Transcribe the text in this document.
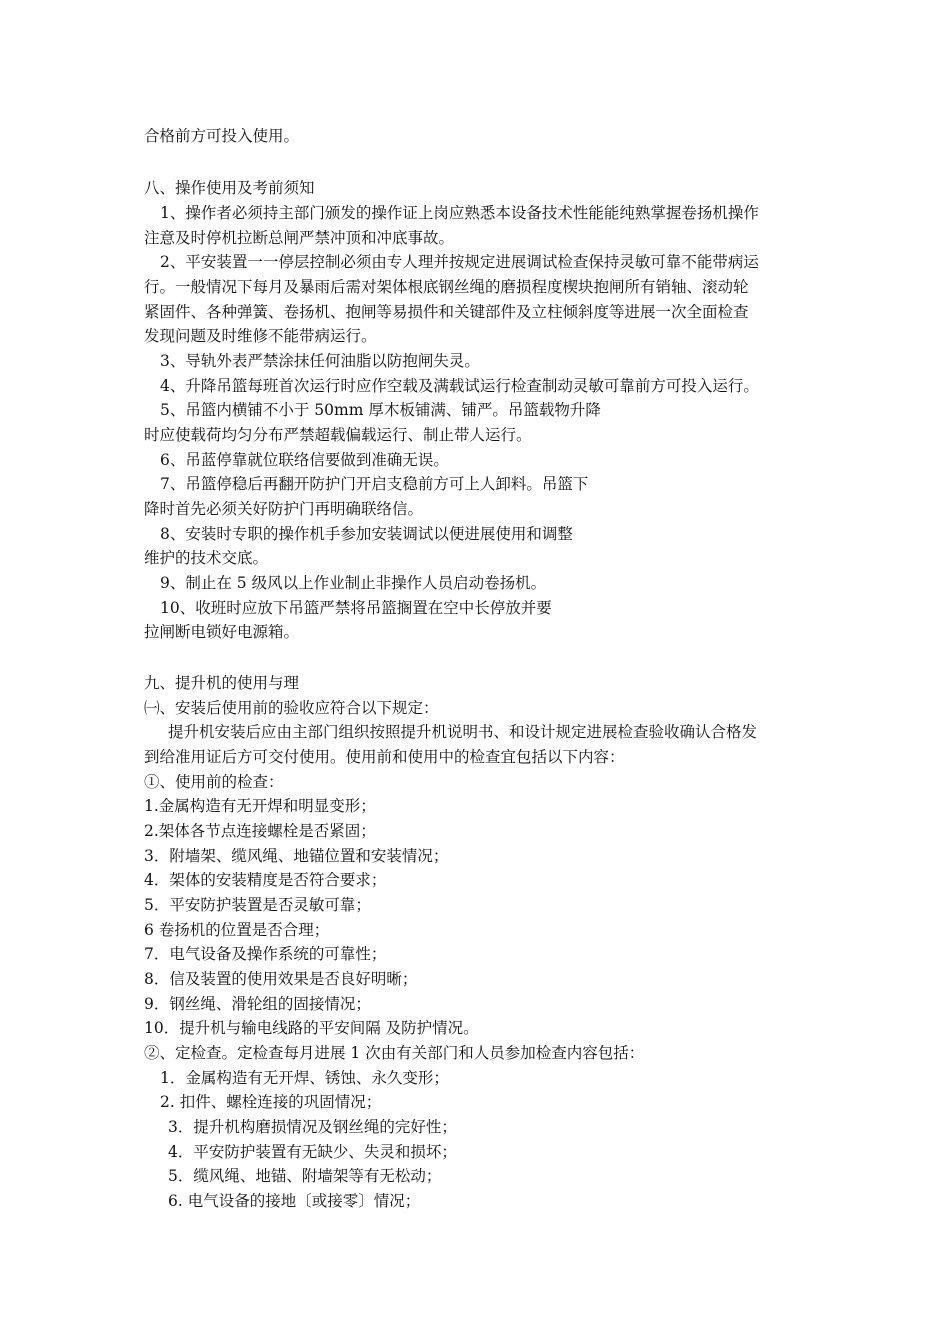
合格前方可投入使用。
八、操作使用及考前须知
1、操作者必须持主部门颁发的操作证上岗应熟悉本设备技术性能能纯熟掌握卷扬机操作
注意及时停机拉断总闸严禁冲顶和冲底事故。
2、平安装置一一停层控制必须由专人理并按规定进展调试检查保持灵敏可靠不能带病运
行。一般情况下每月及暴雨后需对架体根底钢丝绳的磨损程度楔块抱闸所有销轴、滚动轮
紧固件、各种弹簧、卷扬机、抱闸等易损件和关键部件及立柱倾斜度等进展一次全面检查
发现问题及时维修不能带病运行。
3、导轨外表严禁涂抹任何油脂以防抱闸失灵。
4、升降吊篮每班首次运行时应作空载及满载试运行检查制动灵敏可靠前方可投入运行。
5、吊篮内横铺不小于 50mm 厚木板铺满、铺严。吊篮载物升降
时应使载荷均匀分布严禁超载偏载运行、制止带人运行。
6、吊蓝停靠就位联络信要做到准确无误。
7、吊篮停稳后再翻开防护门开启支稳前方可上人卸料。吊篮下
降时首先必须关好防护门再明确联络信。
8、安装时专职的操作机手参加安装调试以便进展使用和调整
维护的技术交底。
9、制止在 5 级风以上作业制止非操作人员启动卷扬机。
10、收班时应放下吊篮严禁将吊篮搁置在空中长停放并要
拉闸断电锁好电源箱。
九、提升机的使用与理
㈠、安装后使用前的验收应符合以下规定：
提升机安装后应由主部门组织按照提升机说明书、和设计规定进展检查验收确认合格发
到给准用证后方可交付使用。使用前和使用中的检查宜包括以下内容：
①、使用前的检查：
1.金属构造有无开焊和明显变形；
2.架体各节点连接螺栓是否紧固；
3．附墙架、缆风绳、地锚位置和安装情况；
4．架体的安装精度是否符合要求；
5．平安防护装置是否灵敏可靠；
6 卷扬机的位置是否合理；
7．电气设备及操作系统的可靠性；
8．信及装置的使用效果是否良好明晰；
9．钢丝绳、滑轮组的固接情况；
10．提升机与输电线路的平安间隔 及防护情况。
②、定检查。定检查每月进展 1 次由有关部门和人员参加检查内容包括：
1．金属构造有无开焊、锈蚀、永久变形；
2. 扣件、螺栓连接的巩固情况；
3．提升机构磨损情况及钢丝绳的完好性；
4．平安防护装置有无缺少、失灵和损坏；
5．缆风绳、地锚、附墙架等有无松动；
6. 电气设备的接地〔或接零〕情况；
